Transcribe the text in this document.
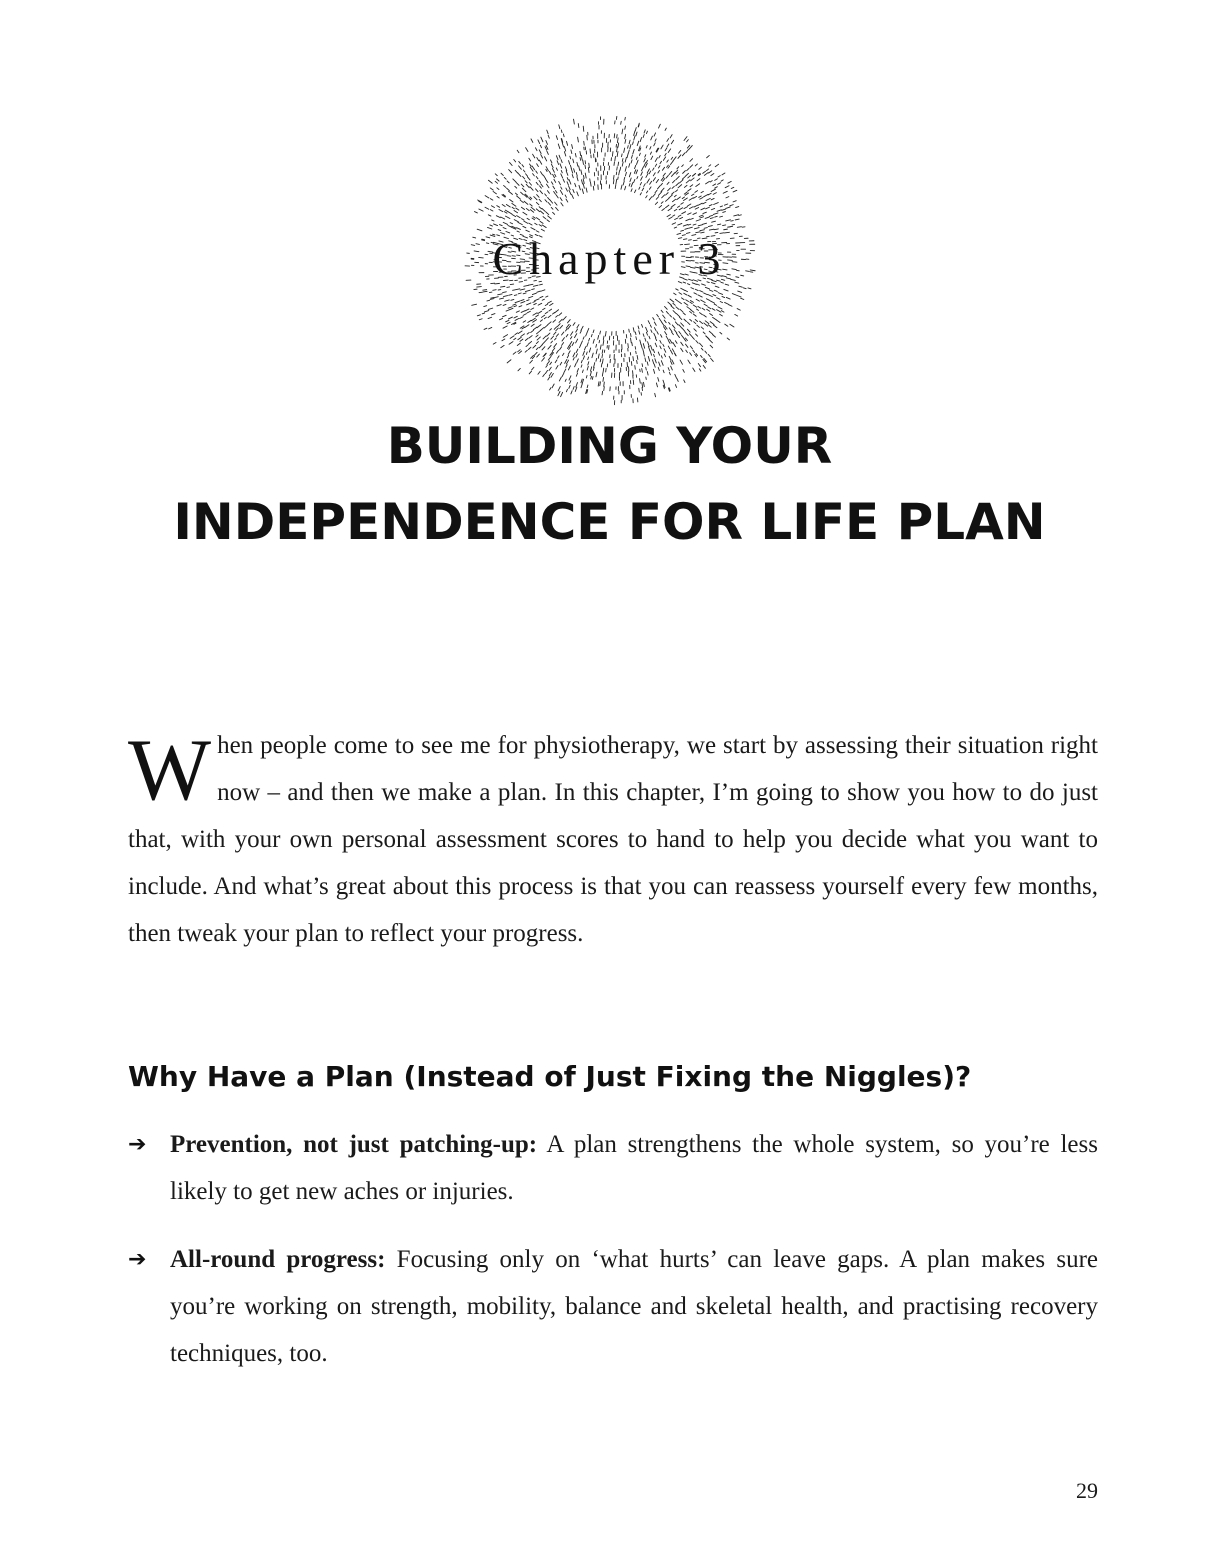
Chapter 3
BUILDING YOUR
INDEPENDENCE FOR LIFE PLAN

When people come to see me for physiotherapy, we start by assessing their situation right now – and then we make a plan. In this chapter, I’m going to show you how to do just that, with your own personal assessment scores to hand to help you decide what you want to include. And what’s great about this process is that you can reassess yourself every few months, then tweak your plan to reflect your progress.

Why Have a Plan (Instead of Just Fixing the Niggles)?
➔ Prevention, not just patching-up: A plan strengthens the whole system, so you’re less likely to get new aches or injuries.

➔ All-round progress: Focusing only on ‘what hurts’ can leave gaps. A plan makes sure you’re working on strength, mobility, balance and skeletal health, and practising recovery techniques, too.

29
